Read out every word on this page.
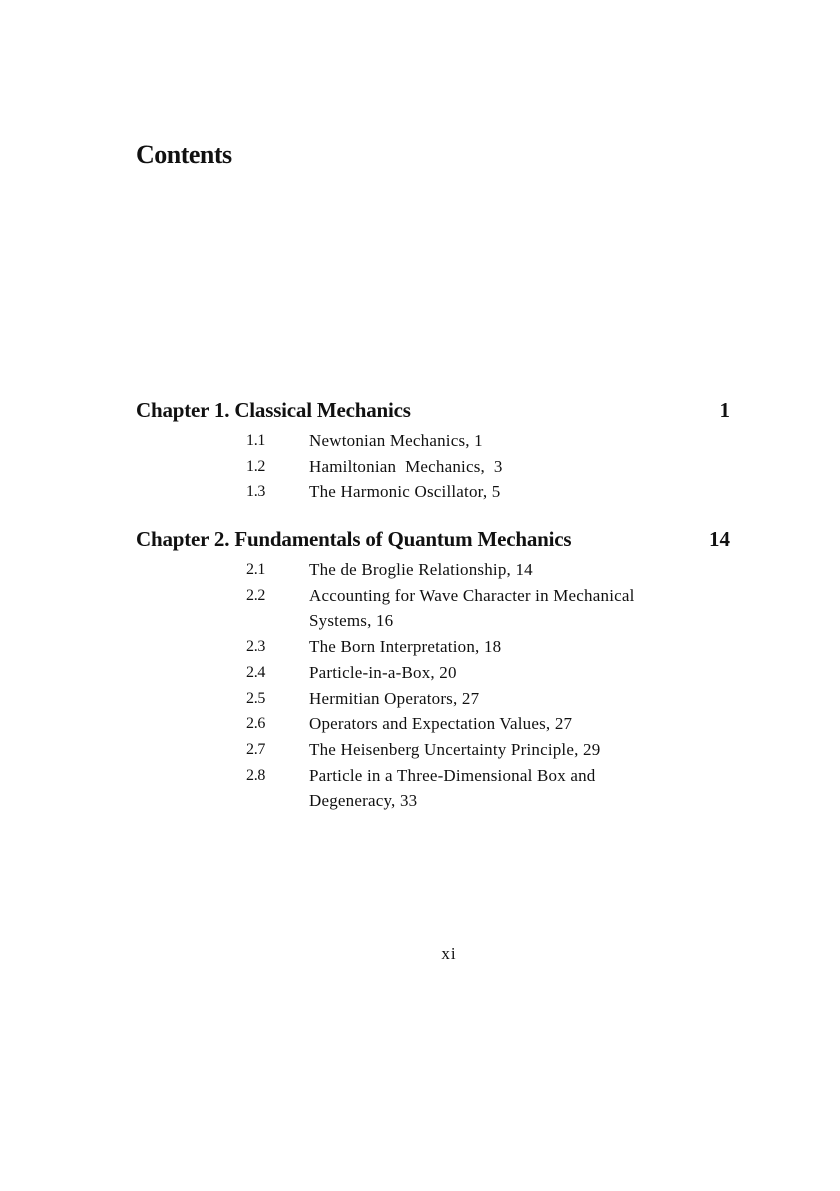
Contents
Chapter 1. Classical Mechanics	1
1.1	Newtonian Mechanics, 1
1.2	Hamiltonian  Mechanics,  3
1.3	The Harmonic Oscillator, 5
Chapter 2. Fundamentals of Quantum Mechanics	14
2.1	The de Broglie Relationship, 14
2.2	Accounting for Wave Character in Mechanical Systems, 16
2.3	The Born Interpretation, 18
2.4	Particle-in-a-Box, 20
2.5	Hermitian Operators, 27
2.6	Operators and Expectation Values, 27
2.7	The Heisenberg Uncertainty Principle, 29
2.8	Particle in a Three-Dimensional Box and Degeneracy, 33
xi
